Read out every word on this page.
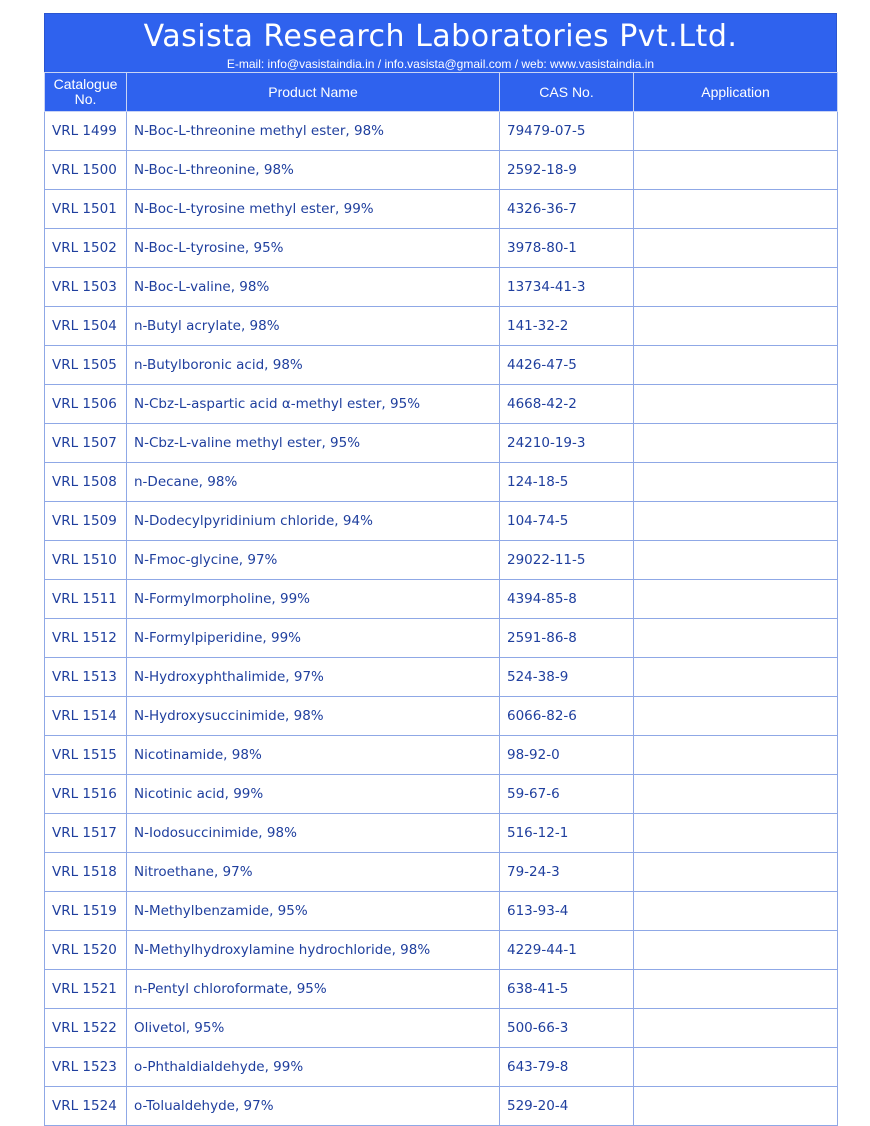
Vasista Research Laboratories Pvt.Ltd.
E-mail: info@vasistaindia.in / info.vasista@gmail.com / web: www.vasistaindia.in
Catalogue
No.	Product Name	CAS No.	Application
VRL 1499	N-Boc-L-threonine methyl ester, 98%	79479-07-5	
VRL 1500	N-Boc-L-threonine, 98%	2592-18-9	
VRL 1501	N-Boc-L-tyrosine methyl ester, 99%	4326-36-7	
VRL 1502	N-Boc-L-tyrosine, 95%	3978-80-1	
VRL 1503	N-Boc-L-valine, 98%	13734-41-3	
VRL 1504	n-Butyl acrylate, 98%	141-32-2	
VRL 1505	n-Butylboronic acid, 98%	4426-47-5	
VRL 1506	N-Cbz-L-aspartic acid α-methyl ester, 95%	4668-42-2	
VRL 1507	N-Cbz-L-valine methyl ester, 95%	24210-19-3	
VRL 1508	n-Decane, 98%	124-18-5	
VRL 1509	N-Dodecylpyridinium chloride, 94%	104-74-5	
VRL 1510	N-Fmoc-glycine, 97%	29022-11-5	
VRL 1511	N-Formylmorpholine, 99%	4394-85-8	
VRL 1512	N-Formylpiperidine, 99%	2591-86-8	
VRL 1513	N-Hydroxyphthalimide, 97%	524-38-9	
VRL 1514	N-Hydroxysuccinimide, 98%	6066-82-6	
VRL 1515	Nicotinamide, 98%	98-92-0	
VRL 1516	Nicotinic acid, 99%	59-67-6	
VRL 1517	N-Iodosuccinimide, 98%	516-12-1	
VRL 1518	Nitroethane, 97%	79-24-3	
VRL 1519	N-Methylbenzamide, 95%	613-93-4	
VRL 1520	N-Methylhydroxylamine hydrochloride, 98%	4229-44-1	
VRL 1521	n-Pentyl chloroformate, 95%	638-41-5	
VRL 1522	Olivetol, 95%	500-66-3	
VRL 1523	o-Phthaldialdehyde, 99%	643-79-8	
VRL 1524	o-Tolualdehyde, 97%	529-20-4	
